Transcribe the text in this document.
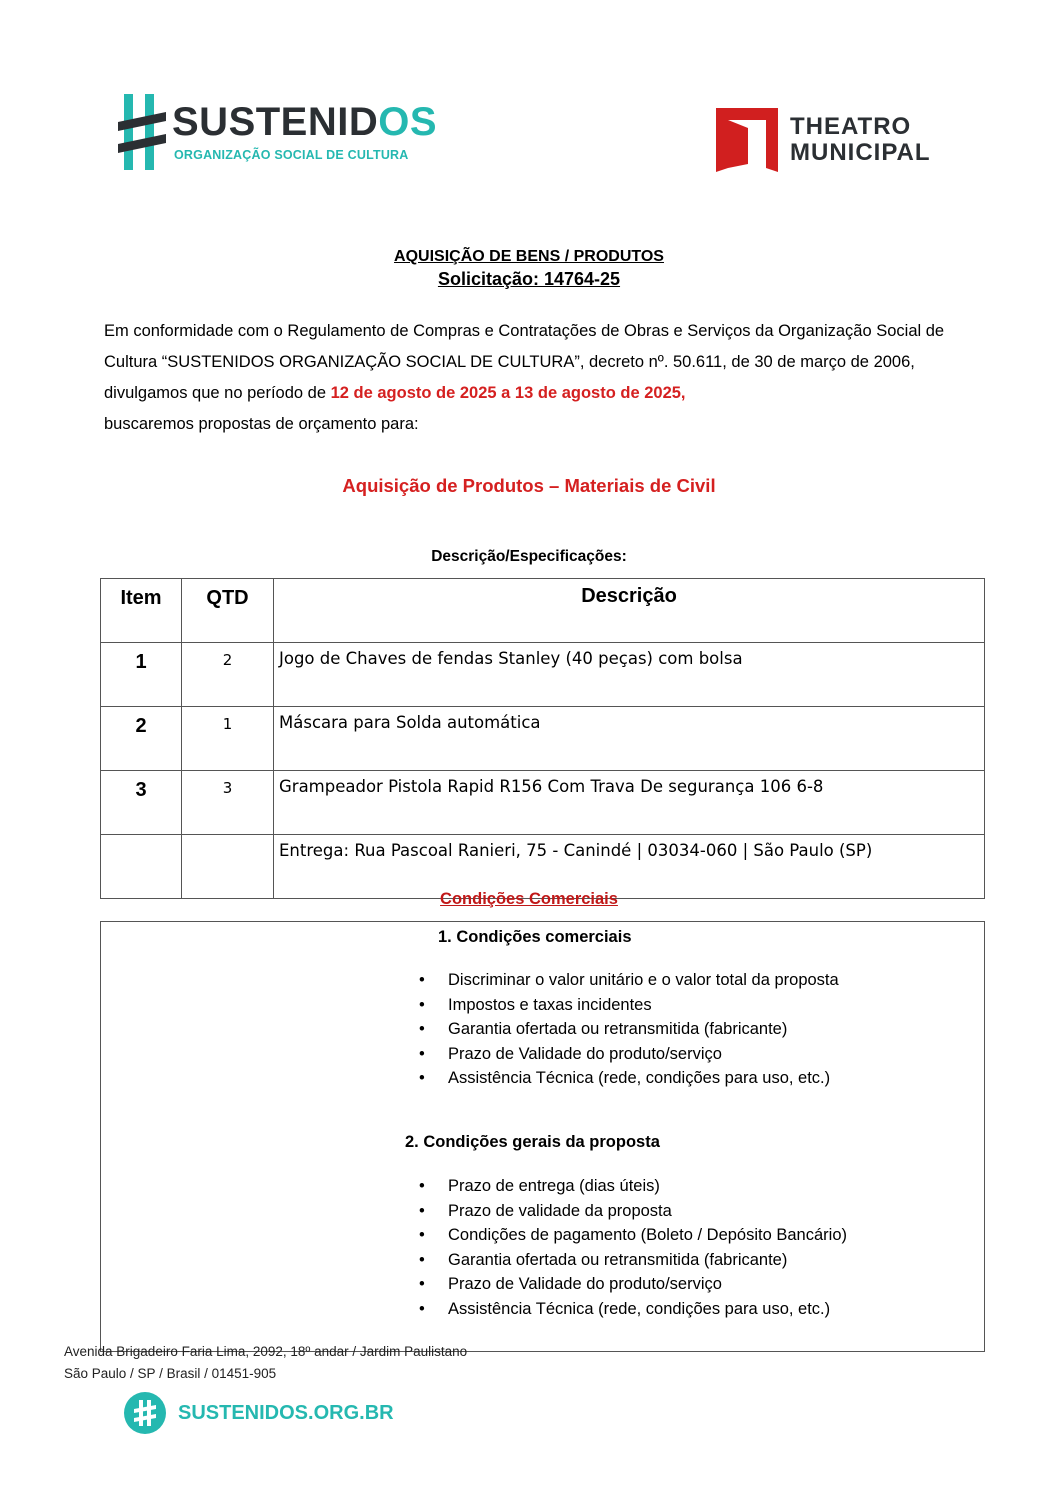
SUSTENIDOS
ORGANIZAÇÃO SOCIAL DE CULTURA
THEATRO
MUNICIPAL
AQUISIÇÃO DE BENS / PRODUTOS
Solicitação: 14764-25
Em conformidade com o Regulamento de Compras e Contratações de Obras e Serviços da Organização Social de Cultura “SUSTENIDOS ORGANIZAÇÃO SOCIAL DE CULTURA”, decreto nº. 50.611, de 30 de março de 2006, divulgamos que no período de 12 de agosto de 2025 a 13 de agosto de 2025,
buscaremos propostas de orçamento para:
Aquisição de Produtos – Materiais de Civil
Descrição/Especificações:
Item	QTD	Descrição
1	2	Jogo de Chaves de fendas Stanley (40 peças) com bolsa
2	1	Máscara para Solda automática
3	3	Grampeador Pistola Rapid R156 Com Trava De segurança 106 6-8
		Entrega: Rua Pascoal Ranieri, 75 - Canindé | 03034-060 | São Paulo (SP)
Condições Comerciais
1. Condições comerciais
• Discriminar o valor unitário e o valor total da proposta
• Impostos e taxas incidentes
• Garantia ofertada ou retransmitida (fabricante)
• Prazo de Validade do produto/serviço
• Assistência Técnica (rede, condições para uso, etc.)
2. Condições gerais da proposta
• Prazo de entrega (dias úteis)
• Prazo de validade da proposta
• Condições de pagamento (Boleto / Depósito Bancário)
• Garantia ofertada ou retransmitida (fabricante)
• Prazo de Validade do produto/serviço
• Assistência Técnica (rede, condições para uso, etc.)
Avenida Brigadeiro Faria Lima, 2092, 18º andar / Jardim Paulistano
São Paulo / SP / Brasil / 01451-905
SUSTENIDOS.ORG.BR
